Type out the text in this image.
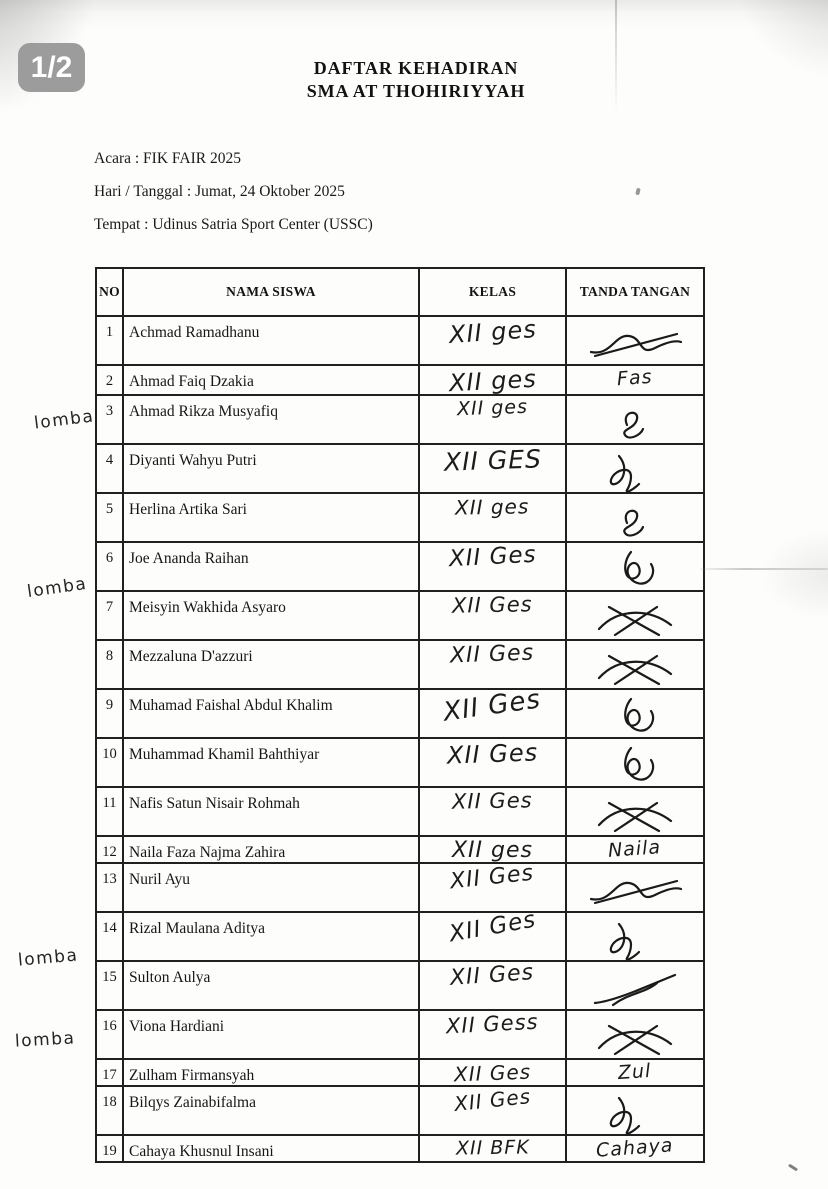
1/2	DAFTAR KEHADIRAN
SMA AT THOHIRIYYAH
Acara : FIK FAIR 2025
Hari / Tanggal : Jumat, 24 Oktober 2025
Tempat : Udinus Satria Sport Center (USSC)
NO	NAMA SISWA	KELAS	TANDA TANGAN
1	Achmad Ramadhanu	XII ges	

2	Ahmad Faiq Dzakia	XII ges	Fas
3	Ahmad Rikza Musyafiq	XII ges	

4	Diyanti Wahyu Putri	XII GES	

5	Herlina Artika Sari	XII ges	

6	Joe Ananda Raihan	XII Ges	

7	Meisyin Wakhida Asyaro	XII Ges	

8	Mezzaluna D'azzuri	XII Ges	

9	Muhamad Faishal Abdul Khalim	XII Ges	

10	Muhammad Khamil Bahthiyar	XII Ges	

11	Nafis Satun Nisair Rohmah	XII Ges	

12	Naila Faza Najma Zahira	XII ges	Naila
13	Nuril Ayu	XII Ges	

14	Rizal Maulana Aditya	XII Ges	

15	Sulton Aulya	XII Ges	

16	Viona Hardiani	XII Gess	

17	Zulham Firmansyah	XII Ges	Zul
18	Bilqys Zainabifalma	XII Ges	

19	Cahaya Khusnul Insani	XII BFK	Cahaya
lomba
lomba
lomba
lomba
